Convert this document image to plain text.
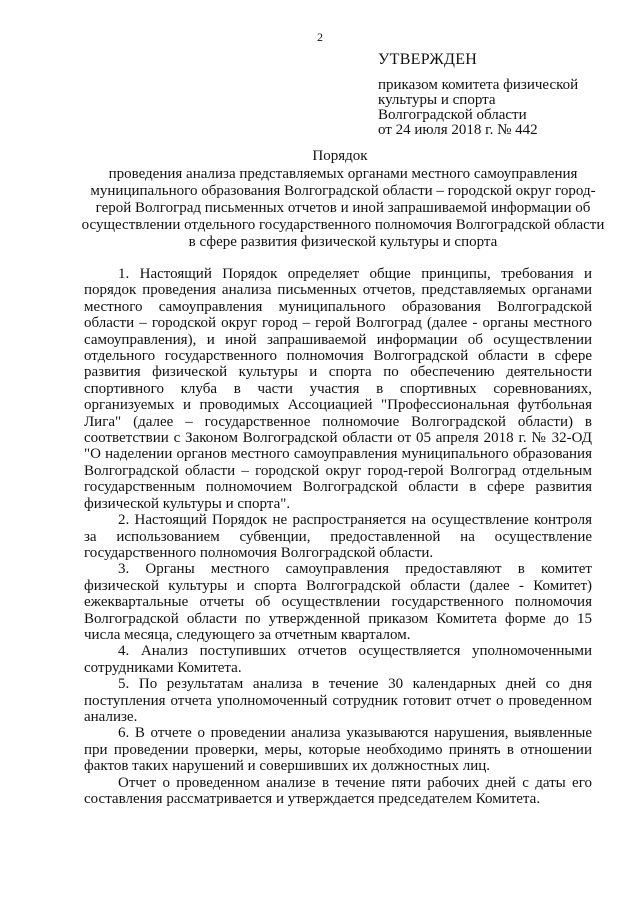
2
УТВЕРЖДЕН
приказом комитета физической
культуры и спорта
Волгоградской области
от 24 июля 2018 г. № 442
Порядок
проведения анализа представляемых органами местного самоуправления муниципального образования Волгоградской области – городской округ город-герой Волгоград письменных отчетов и иной запрашиваемой информации об осуществлении отдельного государственного полномочия Волгоградской области в сфере развития физической культуры и спорта

1. Настоящий Порядок определяет общие принципы, требования и порядок проведения анализа письменных отчетов, представляемых органами местного самоуправления муниципального образования Волгоградской области – городской округ город – герой Волгоград (далее - органы местного самоуправления), и иной запрашиваемой информации об осуществлении отдельного государственного полномочия Волгоградской области в сфере развития физической культуры и спорта по обеспечению деятельности спортивного клуба в части участия в спортивных соревнованиях, организуемых и проводимых Ассоциацией "Профессиональная футбольная Лига" (далее – государственное полномочие Волгоградской области) в соответствии с Законом Волгоградской области от 05 апреля 2018 г. № 32-ОД "О наделении органов местного самоуправления муниципального образования Волгоградской области – городской округ город-герой Волгоград отдельным государственным полномочием Волгоградской области в сфере развития физической культуры и спорта".

2. Настоящий Порядок не распространяется на осуществление контроля за использованием субвенции, предоставленной на осуществление государственного полномочия Волгоградской области.

3. Органы местного самоуправления предоставляют в комитет физической культуры и спорта Волгоградской области (далее - Комитет) ежеквартальные отчеты об осуществлении государственного полномочия Волгоградской области по утвержденной приказом Комитета форме до 15 числа месяца, следующего за отчетным кварталом.

4. Анализ поступивших отчетов осуществляется уполномоченными сотрудниками Комитета.

5. По результатам анализа в течение 30 календарных дней со дня поступления отчета уполномоченный сотрудник готовит отчет о проведенном анализе.

6. В отчете о проведении анализа указываются нарушения, выявленные при проведении проверки, меры, которые необходимо принять в отношении фактов таких нарушений и совершивших их должностных лиц.

Отчет о проведенном анализе в течение пяти рабочих дней с даты его составления рассматривается и утверждается председателем Комитета.
